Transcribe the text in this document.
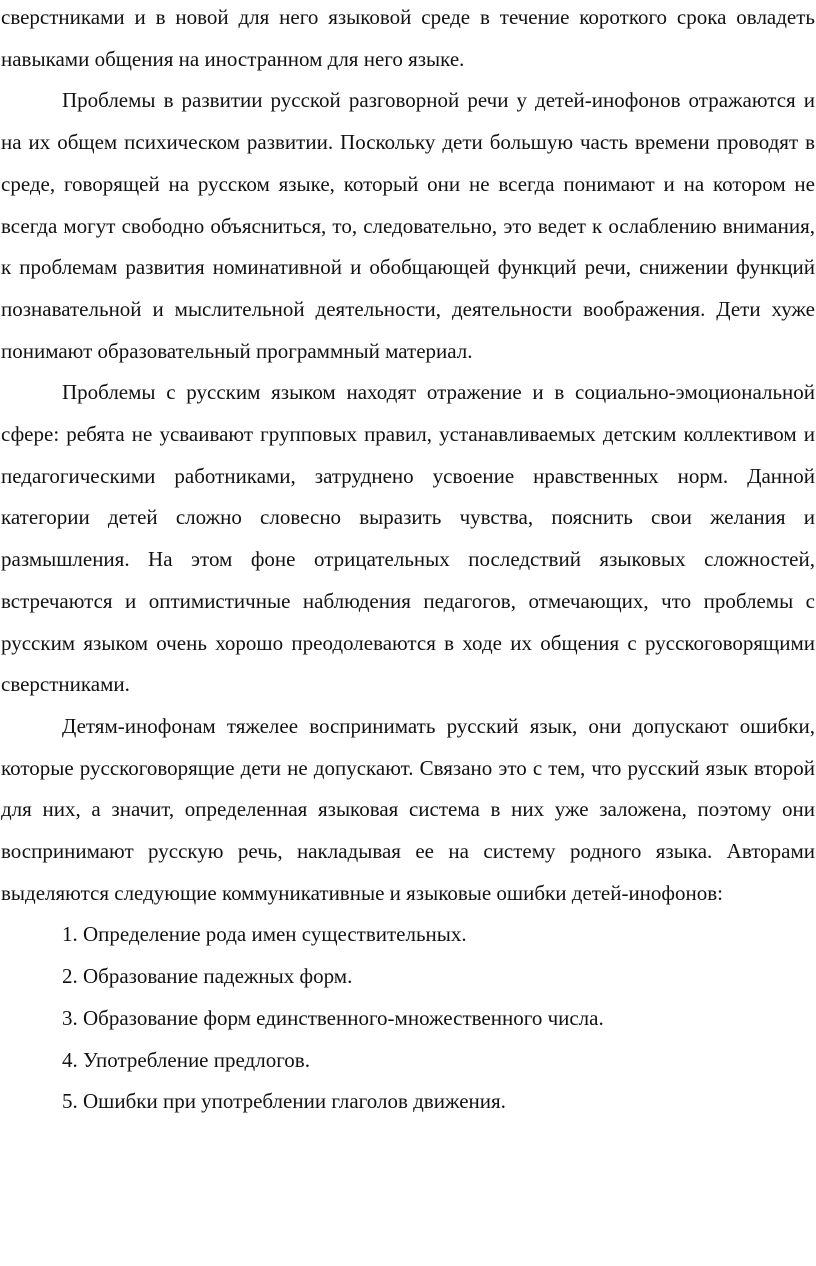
сверстниками и в новой для него языковой среде в течение короткого срока овладеть навыками общения на иностранном для него языке.

Проблемы в развитии русской разговорной речи у детей-инофонов отражаются и на их общем психическом развитии. Поскольку дети большую часть времени проводят в среде, говорящей на русском языке, который они не всегда понимают и на котором не всегда могут свободно объясниться, то, следовательно, это ведет к ослаблению внимания, к проблемам развития номинативной и обобщающей функций речи, снижении функций познавательной и мыслительной деятельности, деятельности воображения. Дети хуже понимают образовательный программный материал.

Проблемы с русским языком находят отражение и в социально-эмоциональной сфере: ребята не усваивают групповых правил, устанавливаемых детским коллективом и педагогическими работниками, затруднено усвоение нравственных норм. Данной категории детей сложно словесно выразить чувства, пояснить свои желания и размышления. На этом фоне отрицательных последствий языковых сложностей, встречаются и оптимистичные наблюдения педагогов, отмечающих, что проблемы с русским языком очень хорошо преодолеваются в ходе их общения с русскоговорящими сверстниками.

Детям-инофонам тяжелее воспринимать русский язык, они допускают ошибки, которые русскоговорящие дети не допускают. Связано это с тем, что русский язык второй для них, а значит, определенная языковая система в них уже заложена, поэтому они воспринимают русскую речь, накладывая ее на систему родного языка. Авторами выделяются следующие коммуникативные и языковые ошибки детей-инофонов:

1. Определение рода имен существительных.
2. Образование падежных форм.
3. Образование форм единственного-множественного числа.
4. Употребление предлогов.
5. Ошибки при употреблении глаголов движения.
